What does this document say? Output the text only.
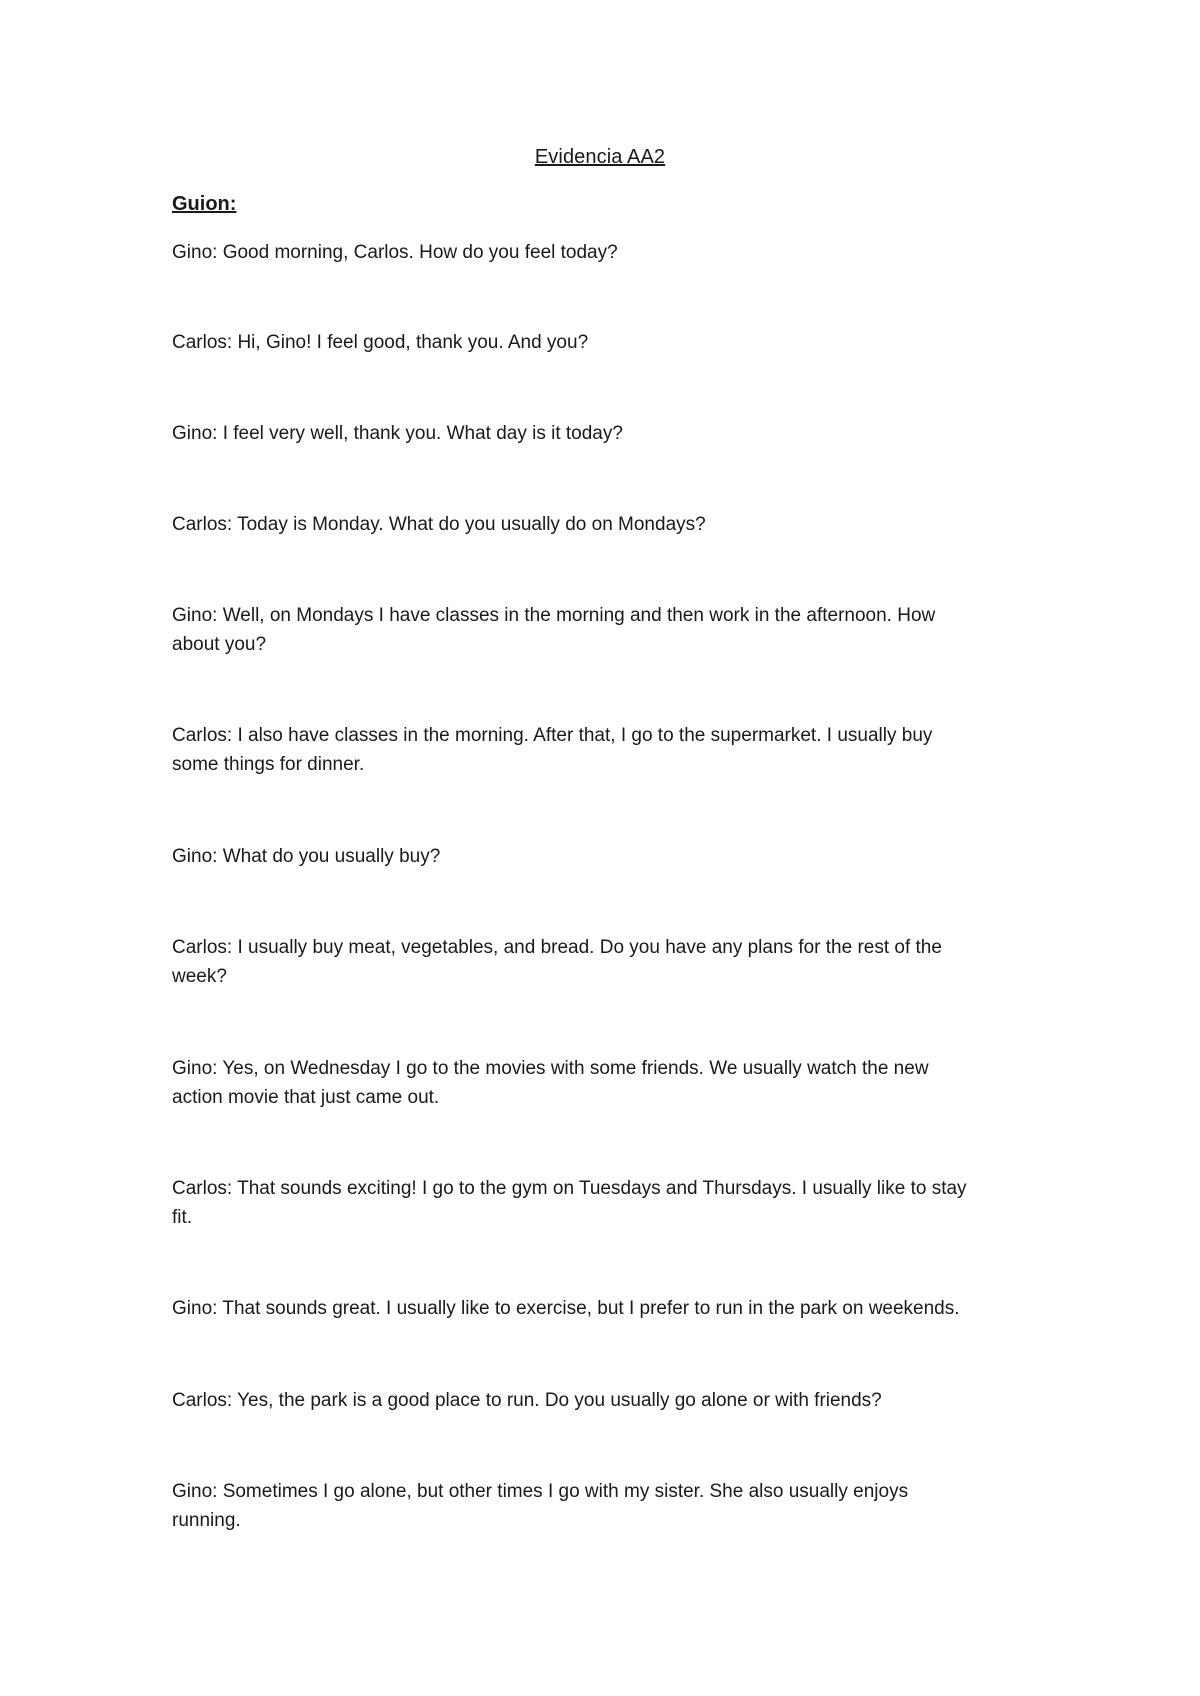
Evidencia AA2
Guion:
Gino: Good morning, Carlos. How do you feel today?
Carlos: Hi, Gino! I feel good, thank you. And you?
Gino: I feel very well, thank you. What day is it today?
Carlos: Today is Monday. What do you usually do on Mondays?
Gino: Well, on Mondays I have classes in the morning and then work in the afternoon. How
about you?
Carlos: I also have classes in the morning. After that, I go to the supermarket. I usually buy
some things for dinner.
Gino: What do you usually buy?
Carlos: I usually buy meat, vegetables, and bread. Do you have any plans for the rest of the
week?
Gino: Yes, on Wednesday I go to the movies with some friends. We usually watch the new
action movie that just came out.
Carlos: That sounds exciting! I go to the gym on Tuesdays and Thursdays. I usually like to stay
fit.
Gino: That sounds great. I usually like to exercise, but I prefer to run in the park on weekends.
Carlos: Yes, the park is a good place to run. Do you usually go alone or with friends?
Gino: Sometimes I go alone, but other times I go with my sister. She also usually enjoys
running.
